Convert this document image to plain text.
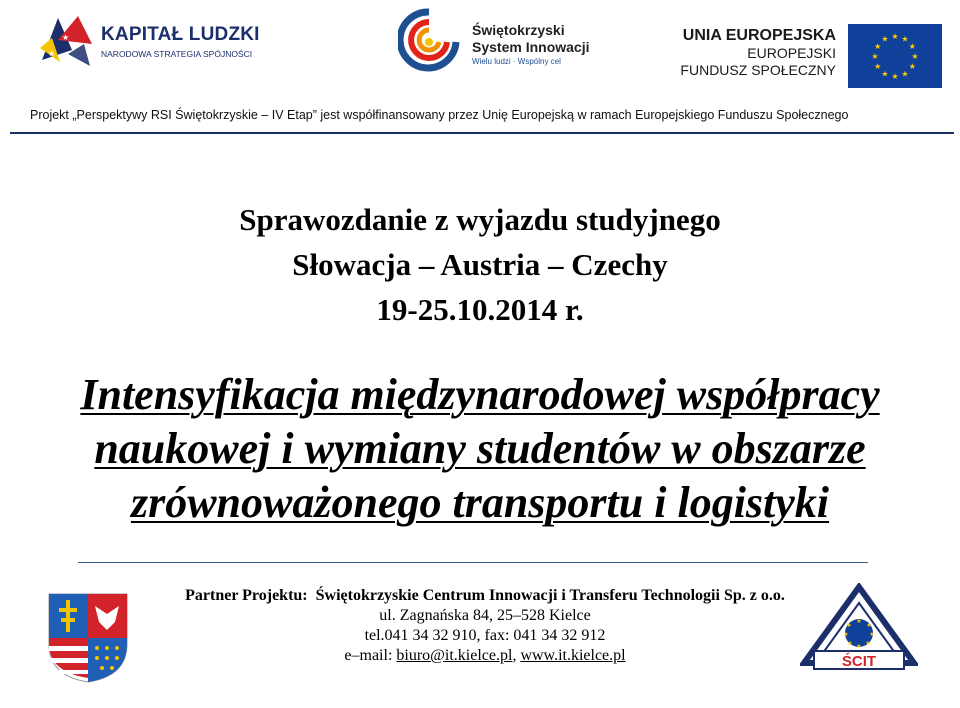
★
★
KAPITAŁ LUDZKI
NARODOWA STRATEGIA SPÓJNOŚCI
Świętokrzyski
System Innowacji
Wielu ludzi · Wspólny cel
UNIA EUROPEJSKA
EUROPEJSKI
FUNDUSZ SPOŁECZNY
★
★
★
★
★
★
★
★
★ ★ ★
★
Projekt „Perspektywy RSI Świętokrzyskie – IV Etap” jest współfinansowany przez Unię Europejską w ramach Europejskiego Funduszu Społecznego
Sprawozdanie z wyjazdu studyjnego
Słowacja – Austria – Czechy
19-25.10.2014 r.
Intensyfikacja międzynarodowej współpracy
naukowej i wymiany studentów w obszarze
zrównoważonego transportu i logistyki
Partner Projektu: Świętokrzyskie Centrum Innowacji i Transferu Technologii Sp. z o.o.
ul. Zagnańska 84, 25–528 Kielce
tel.041 34 32 910, fax: 041 34 32 912
e–mail: biuro@it.kielce.pl, www.it.kielce.pl
★
★
★
★
★
★
★
★
ŚCIT
